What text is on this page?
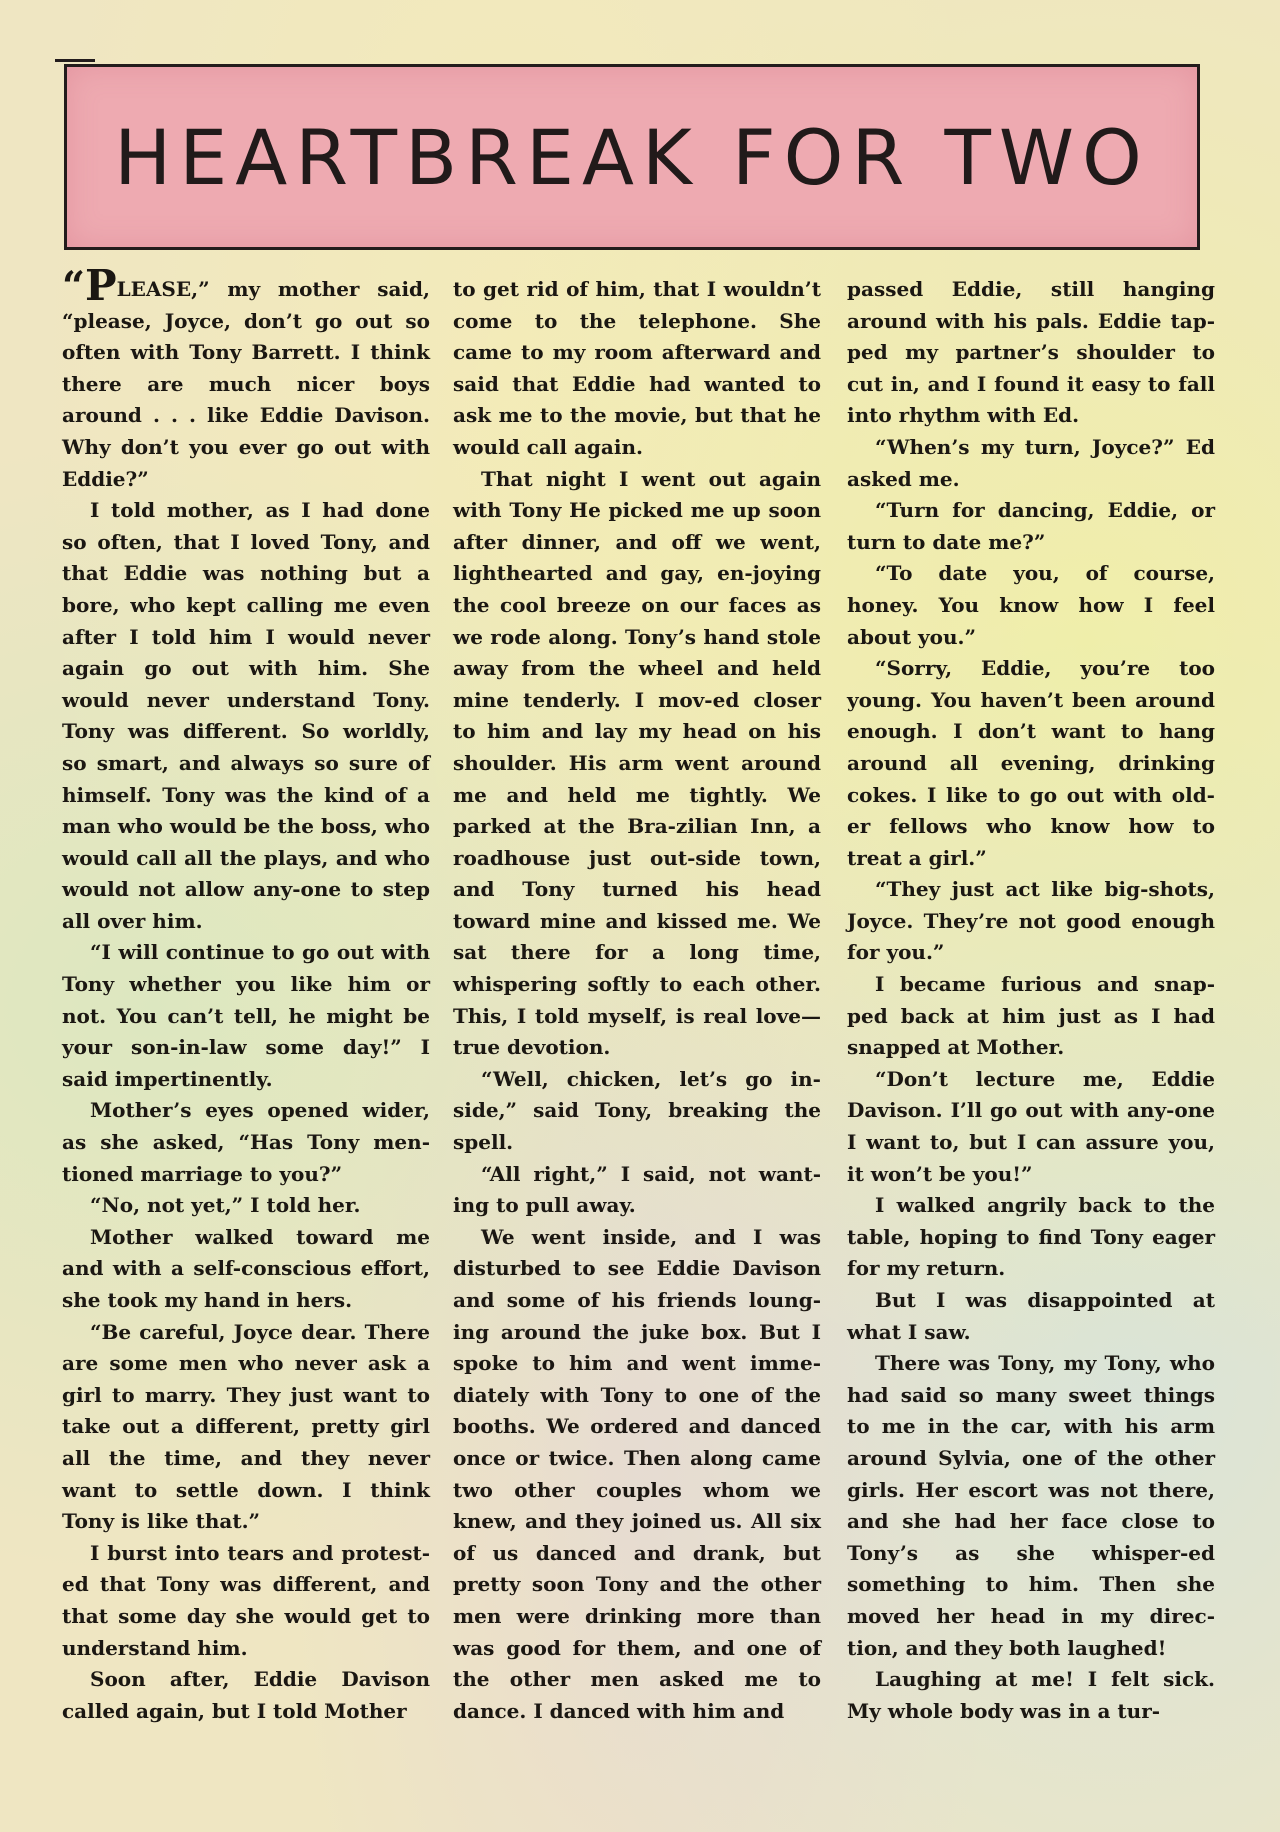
HEARTBREAK FOR TWO

“PLEASE,” my mother said, “please, Joyce, don’t go out so often with Tony Barrett. I think there are much nicer boys around . . . like Eddie Davison. Why don’t you ever go out with Eddie?”

I told mother, as I had done so often, that I loved Tony, and that Eddie was nothing but a bore, who kept calling me even after I told him I would never again go out with him. She would never understand Tony. Tony was different. So worldly, so smart, and always so sure of himself. Tony was the kind of a man who would be the boss, who would call all the plays, and who would not allow any-one to step all over him.

“I will continue to go out with Tony whether you like him or not. You can’t tell, he might be your son-in-law some day!” I said impertinently.

Mother’s eyes opened wider, as she asked, “Has Tony men-tioned marriage to you?”

“No, not yet,” I told her.

Mother walked toward me and with a self-conscious effort, she took my hand in hers.

“Be careful, Joyce dear. There are some men who never ask a girl to marry. They just want to take out a different, pretty girl all the time, and they never want to settle down. I think Tony is like that.”

I burst into tears and protest-ed that Tony was different, and that some day she would get to understand him.

Soon after, Eddie Davison called again, but I told Mother

to get rid of him, that I wouldn’t come to the telephone. She came to my room afterward and said that Eddie had wanted to ask me to the movie, but that he would call again.

That night I went out again with Tony He picked me up soon after dinner, and off we went, lighthearted and gay, en-joying the cool breeze on our faces as we rode along. Tony’s hand stole away from the wheel and held mine tenderly. I mov-ed closer to him and lay my head on his shoulder. His arm went around me and held me tightly. We parked at the Bra-zilian Inn, a roadhouse just out-side town, and Tony turned his head toward mine and kissed me. We sat there for a long time, whispering softly to each other. This, I told myself, is real love—true devotion.

“Well, chicken, let’s go in-side,” said Tony, breaking the spell.

“All right,” I said, not want-ing to pull away.

We went inside, and I was disturbed to see Eddie Davison and some of his friends loung-ing around the juke box. But I spoke to him and went imme-diately with Tony to one of the booths. We ordered and danced once or twice. Then along came two other couples whom we knew, and they joined us. All six of us danced and drank, but pretty soon Tony and the other men were drinking more than was good for them, and one of the other men asked me to dance. I danced with him and

passed Eddie, still hanging around with his pals. Eddie tap-ped my partner’s shoulder to cut in, and I found it easy to fall into rhythm with Ed.

“When’s my turn, Joyce?” Ed asked me.

“Turn for dancing, Eddie, or turn to date me?”

“To date you, of course, honey. You know how I feel about you.”

“Sorry, Eddie, you’re too young. You haven’t been around enough. I don’t want to hang around all evening, drinking cokes. I like to go out with old-er fellows who know how to treat a girl.”

“They just act like big-shots, Joyce. They’re not good enough for you.”

I became furious and snap-ped back at him just as I had snapped at Mother.

“Don’t lecture me, Eddie Davison. I’ll go out with any-one I want to, but I can assure you, it won’t be you!”

I walked angrily back to the table, hoping to find Tony eager for my return.

But I was disappointed at what I saw.

There was Tony, my Tony, who had said so many sweet things to me in the car, with his arm around Sylvia, one of the other girls. Her escort was not there, and she had her face close to Tony’s as she whisper-ed something to him. Then she moved her head in my direc-tion, and they both laughed!

Laughing at me! I felt sick. My whole body was in a tur-
